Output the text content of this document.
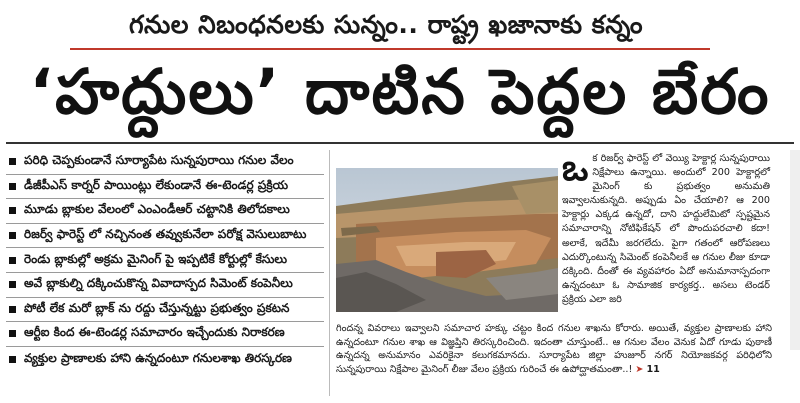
గనుల నిబంధనలకు సున్నం.. రాష్ట్ర ఖజానాకు కన్నం
‘హద్దులు’ దాటిన పెద్దల బేరం
పరిధి చెప్పకుండానే సూర్యాపేట సున్నపురాయి గనుల వేలం
డీజీపీఎస్ కార్నర్ పాయింట్లు లేకుండానే ఈ-టెండర్ల ప్రక్రియ
మూడు బ్లాకుల వేలంలో ఎంఎండీఆర్ చట్టానికి తిలోదకాలు
రిజర్వ్ ఫారెస్ట్ లో నచ్చినంత తవ్వుకునేలా పరోక్ష వెసులుబాటు
రెండు బ్లాకుల్లో అక్రమ మైనింగ్ పై ఇప్పటికే కోర్టుల్లో కేసులు
అవే బ్లాకుల్ని దక్కించుకొన్న వివాదాస్పద సిమెంట్ కంపెనీలు
పోటీ లేక మరో బ్లాక్ ను రద్దు చేస్తున్నట్టు ప్రభుత్వం ప్రకటన
ఆర్టీఐ కింద ఈ-టెండర్ల సమాచారం ఇచ్చేందుకు నిరాకరణ
వ్యక్తుల ప్రాణాలకు హాని ఉన్నదంటూ గనులశాఖ తిరస్కరణ
ఒ క రిజర్వ్ ఫారెస్ట్ లో వెయ్యి హెక్టార్ల సున్నపురాయి నిక్షేపాలు ఉన్నాయి. అందులో 200 హెక్టార్లలో మైనింగ్ కు ప్రభుత్వం అనుమతి ఇవ్వాలనుకున్నది. అప్పుడు ఏం చేయాలి? ఆ 200 హెక్టార్లు ఎక్కడ ఉన్నదో, దాని హద్దులేమిటో స్పష్టమైన సమాచారాన్ని నోటిఫికేషన్ లో పొందుపరచాలి కదా! అలాకే, ఇదేమీ జరగలేదు. పైగా గతంలో ఆరోపణలు ఎదుర్కొంటున్న సిమెంట్ కంపెనీలకే ఆ గనుల లీజు కూడా దక్కింది. దీంతో ఈ వ్యవహారం ఏదో అనుమానాస్పదంగా ఉన్నదంటూ ఓ సామాజిక కార్యకర్త.. అసలు టెండర్ ప్రక్రియ ఎలా జరి
గిందన్న వివరాలు ఇవ్వాలని సమాచార హక్కు చట్టం కింద గనుల శాఖను కోరారు. అయితే, వ్యక్తుల ప్రాణాలకు హాని ఉన్నదంటూ గనుల శాఖ ఆ విజ్ఞప్తిని తిరస్కరించింది. ఇదంతా చూస్తుంటే.. ఆ గనుల వేలం వెనుక ఏదో గూడు పుఠాణీ ఉన్నదన్న అనుమానం ఎవరికైనా కలుగకమానదు. సూర్యాపేట జిల్లా హుజూర్ నగర్ నియోజకవర్గ పరిధిలోని సున్నపురాయి నిక్షేపాల మైనింగ్ లీజు వేలం ప్రక్రియ గురించే ఈ ఉపోద్ఘాతమంతా..! ➤ 11
